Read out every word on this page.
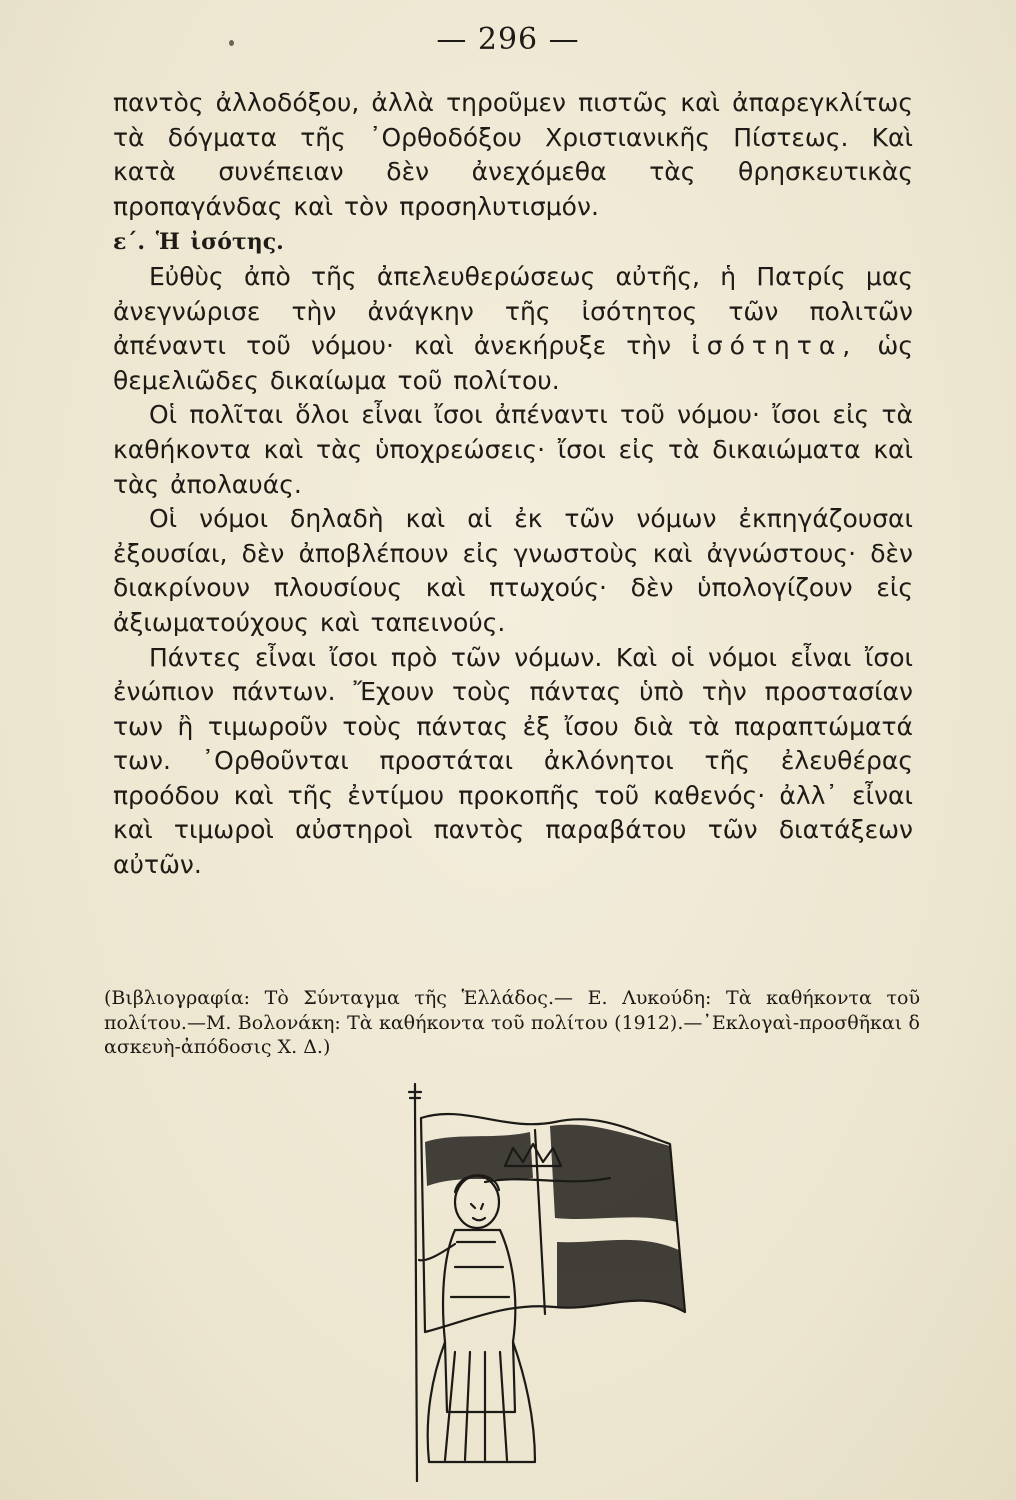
— 296 —

παντὸς ἀλλοδόξου, ἀλλὰ τηροῦμεν πιστῶς καὶ ἀπαρεγκλίτως τὰ δόγματα τῆς ᾿Ορθοδόξου Χριστιανικῆς Πίστεως. Καὶ κατὰ συνέπειαν δὲν ἀνεχόμεθα τὰς θρησκευτικὰς προπαγάνδας καὶ τὸν προσηλυτισμόν.

ε΄. Ἡ ἰσότης.

Εὐθὺς ἀπὸ τῆς ἀπελευθερώσεως αὐτῆς, ἡ Πατρίς μας ἀνεγνώρισε τὴν ἀνάγκην τῆς ἰσότητος τῶν πολιτῶν ἀπέναντι τοῦ νόμου· καὶ ἀνεκήρυξε τὴν ἰσότητα, ὡς θεμελιῶδες δικαίωμα τοῦ πολίτου.

Οἱ πολῖται ὅλοι εἶναι ἴσοι ἀπέναντι τοῦ νόμου· ἴσοι εἰς τὰ καθήκοντα καὶ τὰς ὑποχρεώσεις· ἴσοι εἰς τὰ δικαιώματα καὶ τὰς ἀπολαυάς.

Οἱ νόμοι δηλαδὴ καὶ αἱ ἐκ τῶν νόμων ἐκπηγάζουσαι ἐξουσίαι, δὲν ἀποβλέπουν εἰς γνωστοὺς καὶ ἀγνώστους· δὲν διακρίνουν πλουσίους καὶ πτωχούς· δὲν ὑπολογίζουν εἰς ἀξιωματούχους καὶ ταπεινούς.

Πάντες εἶναι ἴσοι πρὸ τῶν νόμων. Καὶ οἱ νόμοι εἶναι ἴσοι ἐνώπιον πάντων. Ἔχουν τοὺς πάντας ὑπὸ τὴν προστασίαν των ἢ τιμωροῦν τοὺς πάντας ἐξ ἴσου διὰ τὰ παραπτώματά των. ᾿Ορθοῦνται προστάται ἀκλόνητοι τῆς ἐλευθέρας προόδου καὶ τῆς ἐντίμου προκοπῆς τοῦ καθενός· ἀλλ᾿ εἶναι καὶ τιμωροὶ αὐστηροὶ παντὸς παραβάτου τῶν διατάξεων αὐτῶν.

(Βιβλιογραφία: Τὸ Σύνταγμα τῆς Ἑλλάδος.— Ε. Λυκούδη: Τὰ καθήκοντα τοῦ πολίτου.—Μ. Βολονάκη: Τὰ καθήκοντα τοῦ πολίτου (1912).—᾿Εκλογαὶ-προσθῆκαι δ ασκευὴ-ἀπόδοσις Χ. Δ.)
